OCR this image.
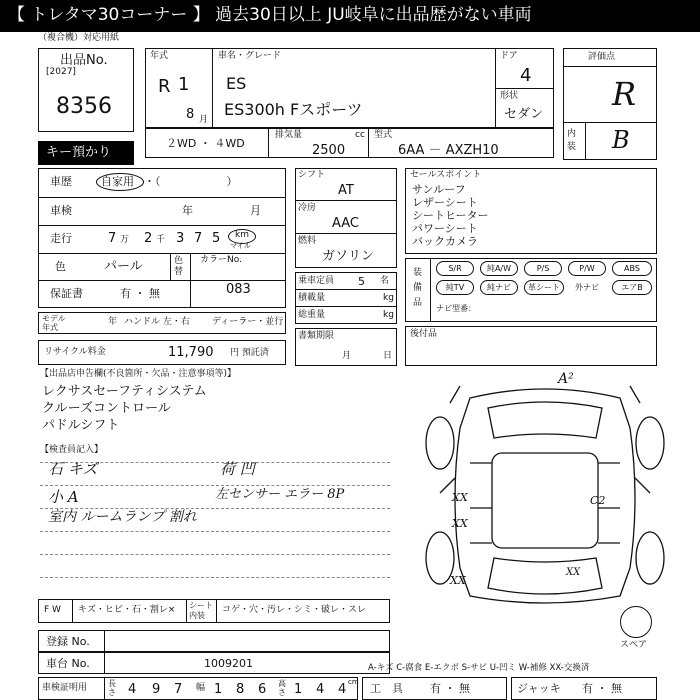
【 トレタマ30コーナー 】 過去30日以上 JU岐阜に出品歴がない車両
（複合機）対応用紙
出品No.
[2027]
8356
キー預かり
年式
R 1
8 月
車名・グレード
ES
ES300h Fスポーツ
ドア
4
形状
セダン
評価点
R
内装 B
２WD ・ ４WD
排気量	cc
2500
型式
6AA － AXZH10
車歴	自家用 ・（　　　　　　）
車検	年	月
走行	7 万 2 千 3 7 5 km
マイル
色	パール	色替
カラーNo.
083
保証書	有 ・ 無
モデル年式
年 ハンドル 左・右 ディーラー・並行
リサイクル料金	11,790 円 預託済
シフト
AT
冷房
AAC
燃料
ガソリン
乗車定員 5 名
積載量	kg
総重量	kg
書類期限
月	日
セールスポイント
サンルーフ
レザーシート
シートヒーター
パワーシート
バックカメラ
装備品
S/R	純A/W	P/S	P/W	ABS
純TV	純ナビ	革シート	外ナビ	エアB
ナビ型番：
後付品
【出品店申告欄(不良箇所・欠品・注意事項等)】
レクサスセーフティシステム
クルーズコントロール
パドルシフト
【検査員記入】
石 キズ
小 A
室内 ルームランプ 割れ
荷 凹
左センサー エラー 8P
A²
XX
XX
XX
C2
XX
スペア
F W キズ・ヒビ・石・割レ× シート内装
コゲ・穴・汚レ・シミ・破レ・スレ
登録 No.
車台 No.	1009201	A-キズ C-腐食 E-エクボ S-サビ U-凹ミ W-補修 XX-交換済
車検証明用	長さ 4 9 7 幅 1 8 6 高さ 1 4 4 cm 工　具 有 ・ 無	ジャッキ 有 ・ 無
